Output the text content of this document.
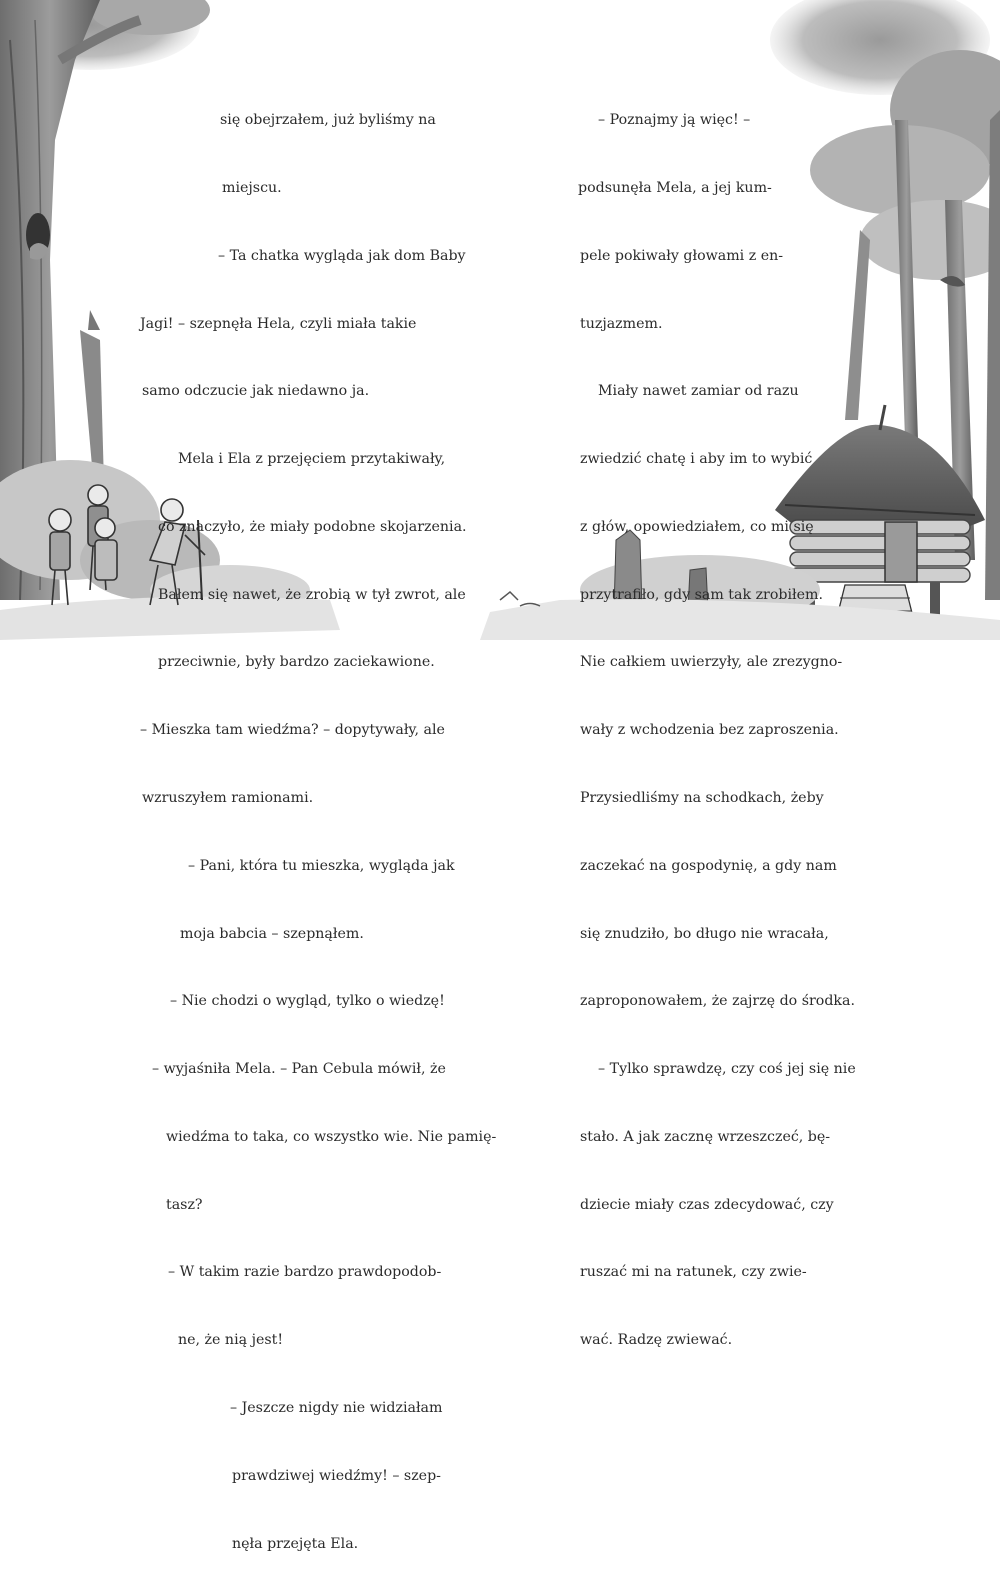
się obejrzałem, już byliśmy na

miejscu.

– Ta chatka wygląda jak dom Baby

Jagi! – szepnęła Hela, czyli miała takie

samo odczucie jak niedawno ja.

Mela i Ela z przejęciem przytakiwały,

co znaczyło, że miały podobne skojarzenia.

Bałem się nawet, że zrobią w tył zwrot, ale

przeciwnie, były bardzo zaciekawione.

– Mieszka tam wiedźma? – dopytywały, ale

wzruszyłem ramionami.

– Pani, która tu mieszka, wygląda jak

moja babcia – szepnąłem.

– Nie chodzi o wygląd, tylko o wiedzę!

– wyjaśniła Mela. – Pan Cebula mówił, że

wiedźma to taka, co wszystko wie. Nie pamię-

tasz?

– W takim razie bardzo prawdopodob-

ne, że nią jest!

– Jeszcze nigdy nie widziałam

prawdziwej wiedźmy! – szep-

nęła przejęta Ela.

– Poznajmy ją więc! –

podsunęła Mela, a jej kum-

pele pokiwały głowami z en-

tuzjazmem.

Miały nawet zamiar od razu

zwiedzić chatę i aby im to wybić

z głów, opowiedziałem, co mi się

przytrafiło, gdy sam tak zrobiłem.

Nie całkiem uwierzyły, ale zrezygno-

wały z wchodzenia bez zaproszenia.

Przysiedliśmy na schodkach, żeby

zaczekać na gospodynię, a gdy nam

się znudziło, bo długo nie wracała,

zaproponowałem, że zajrzę do środka.

– Tylko sprawdzę, czy coś jej się nie

stało. A jak zacznę wrzeszczeć, bę-

dziecie miały czas zdecydować, czy

ruszać mi na ratunek, czy zwie-

wać. Radzę zwiewać.
